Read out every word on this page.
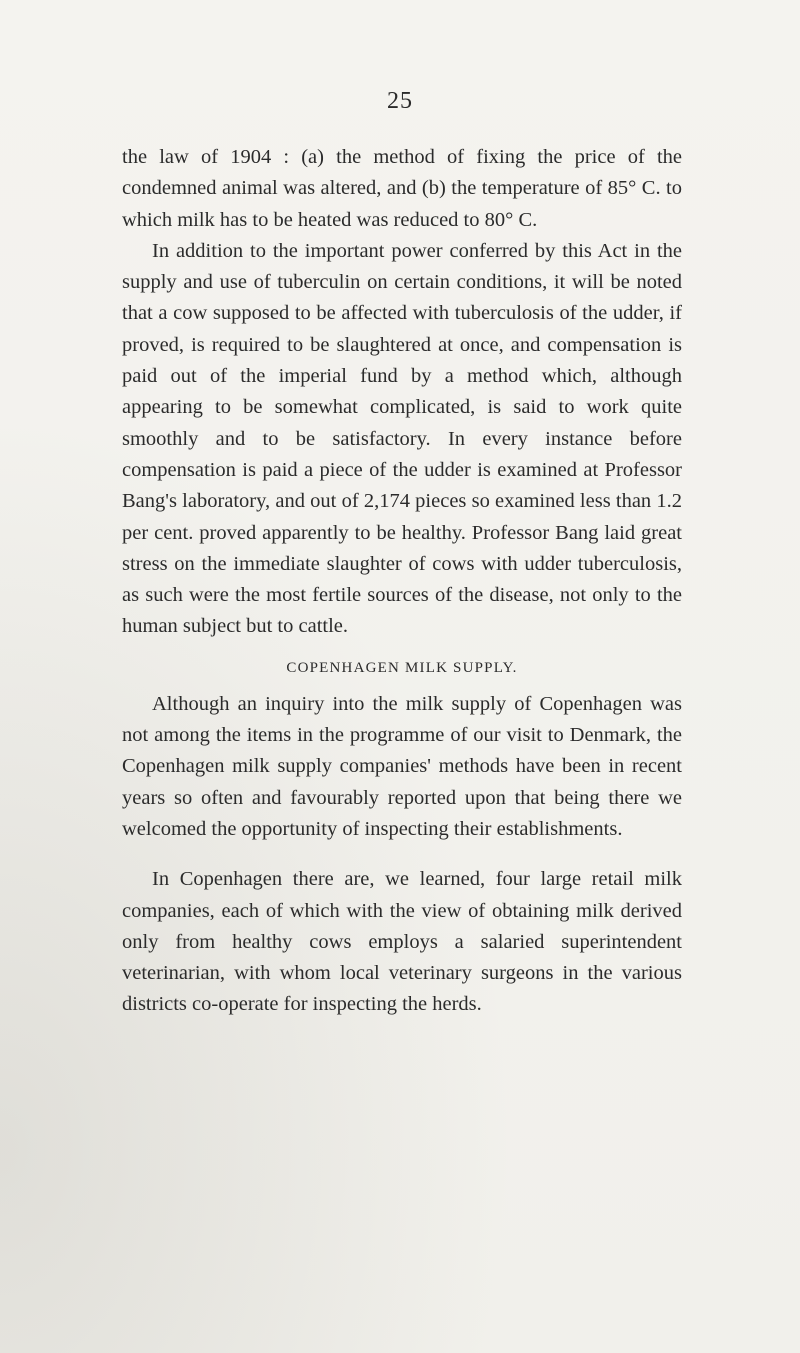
25

the law of 1904 : (a) the method of fixing the price of the condemned animal was altered, and (b) the temperature of 85° C. to which milk has to be heated was reduced to 80° C.

In addition to the important power conferred by this Act in the supply and use of tuberculin on certain conditions, it will be noted that a cow supposed to be affected with tuberculosis of the udder, if proved, is required to be slaughtered at once, and compensation is paid out of the imperial fund by a method which, although appearing to be somewhat complicated, is said to work quite smoothly and to be satisfactory. In every instance before compensation is paid a piece of the udder is examined at Professor Bang's laboratory, and out of 2,174 pieces so examined less than 1.2 per cent. proved apparently to be healthy. Professor Bang laid great stress on the immediate slaughter of cows with udder tuberculosis, as such were the most fertile sources of the disease, not only to the human subject but to cattle.

COPENHAGEN MILK SUPPLY.

Although an inquiry into the milk supply of Copenhagen was not among the items in the programme of our visit to Denmark, the Copenhagen milk supply companies' methods have been in recent years so often and favourably reported upon that being there we welcomed the opportunity of inspecting their establishments.

In Copenhagen there are, we learned, four large retail milk companies, each of which with the view of obtaining milk derived only from healthy cows employs a salaried superintendent veterinarian, with whom local veterinary surgeons in the various districts co-operate for inspecting the herds.
